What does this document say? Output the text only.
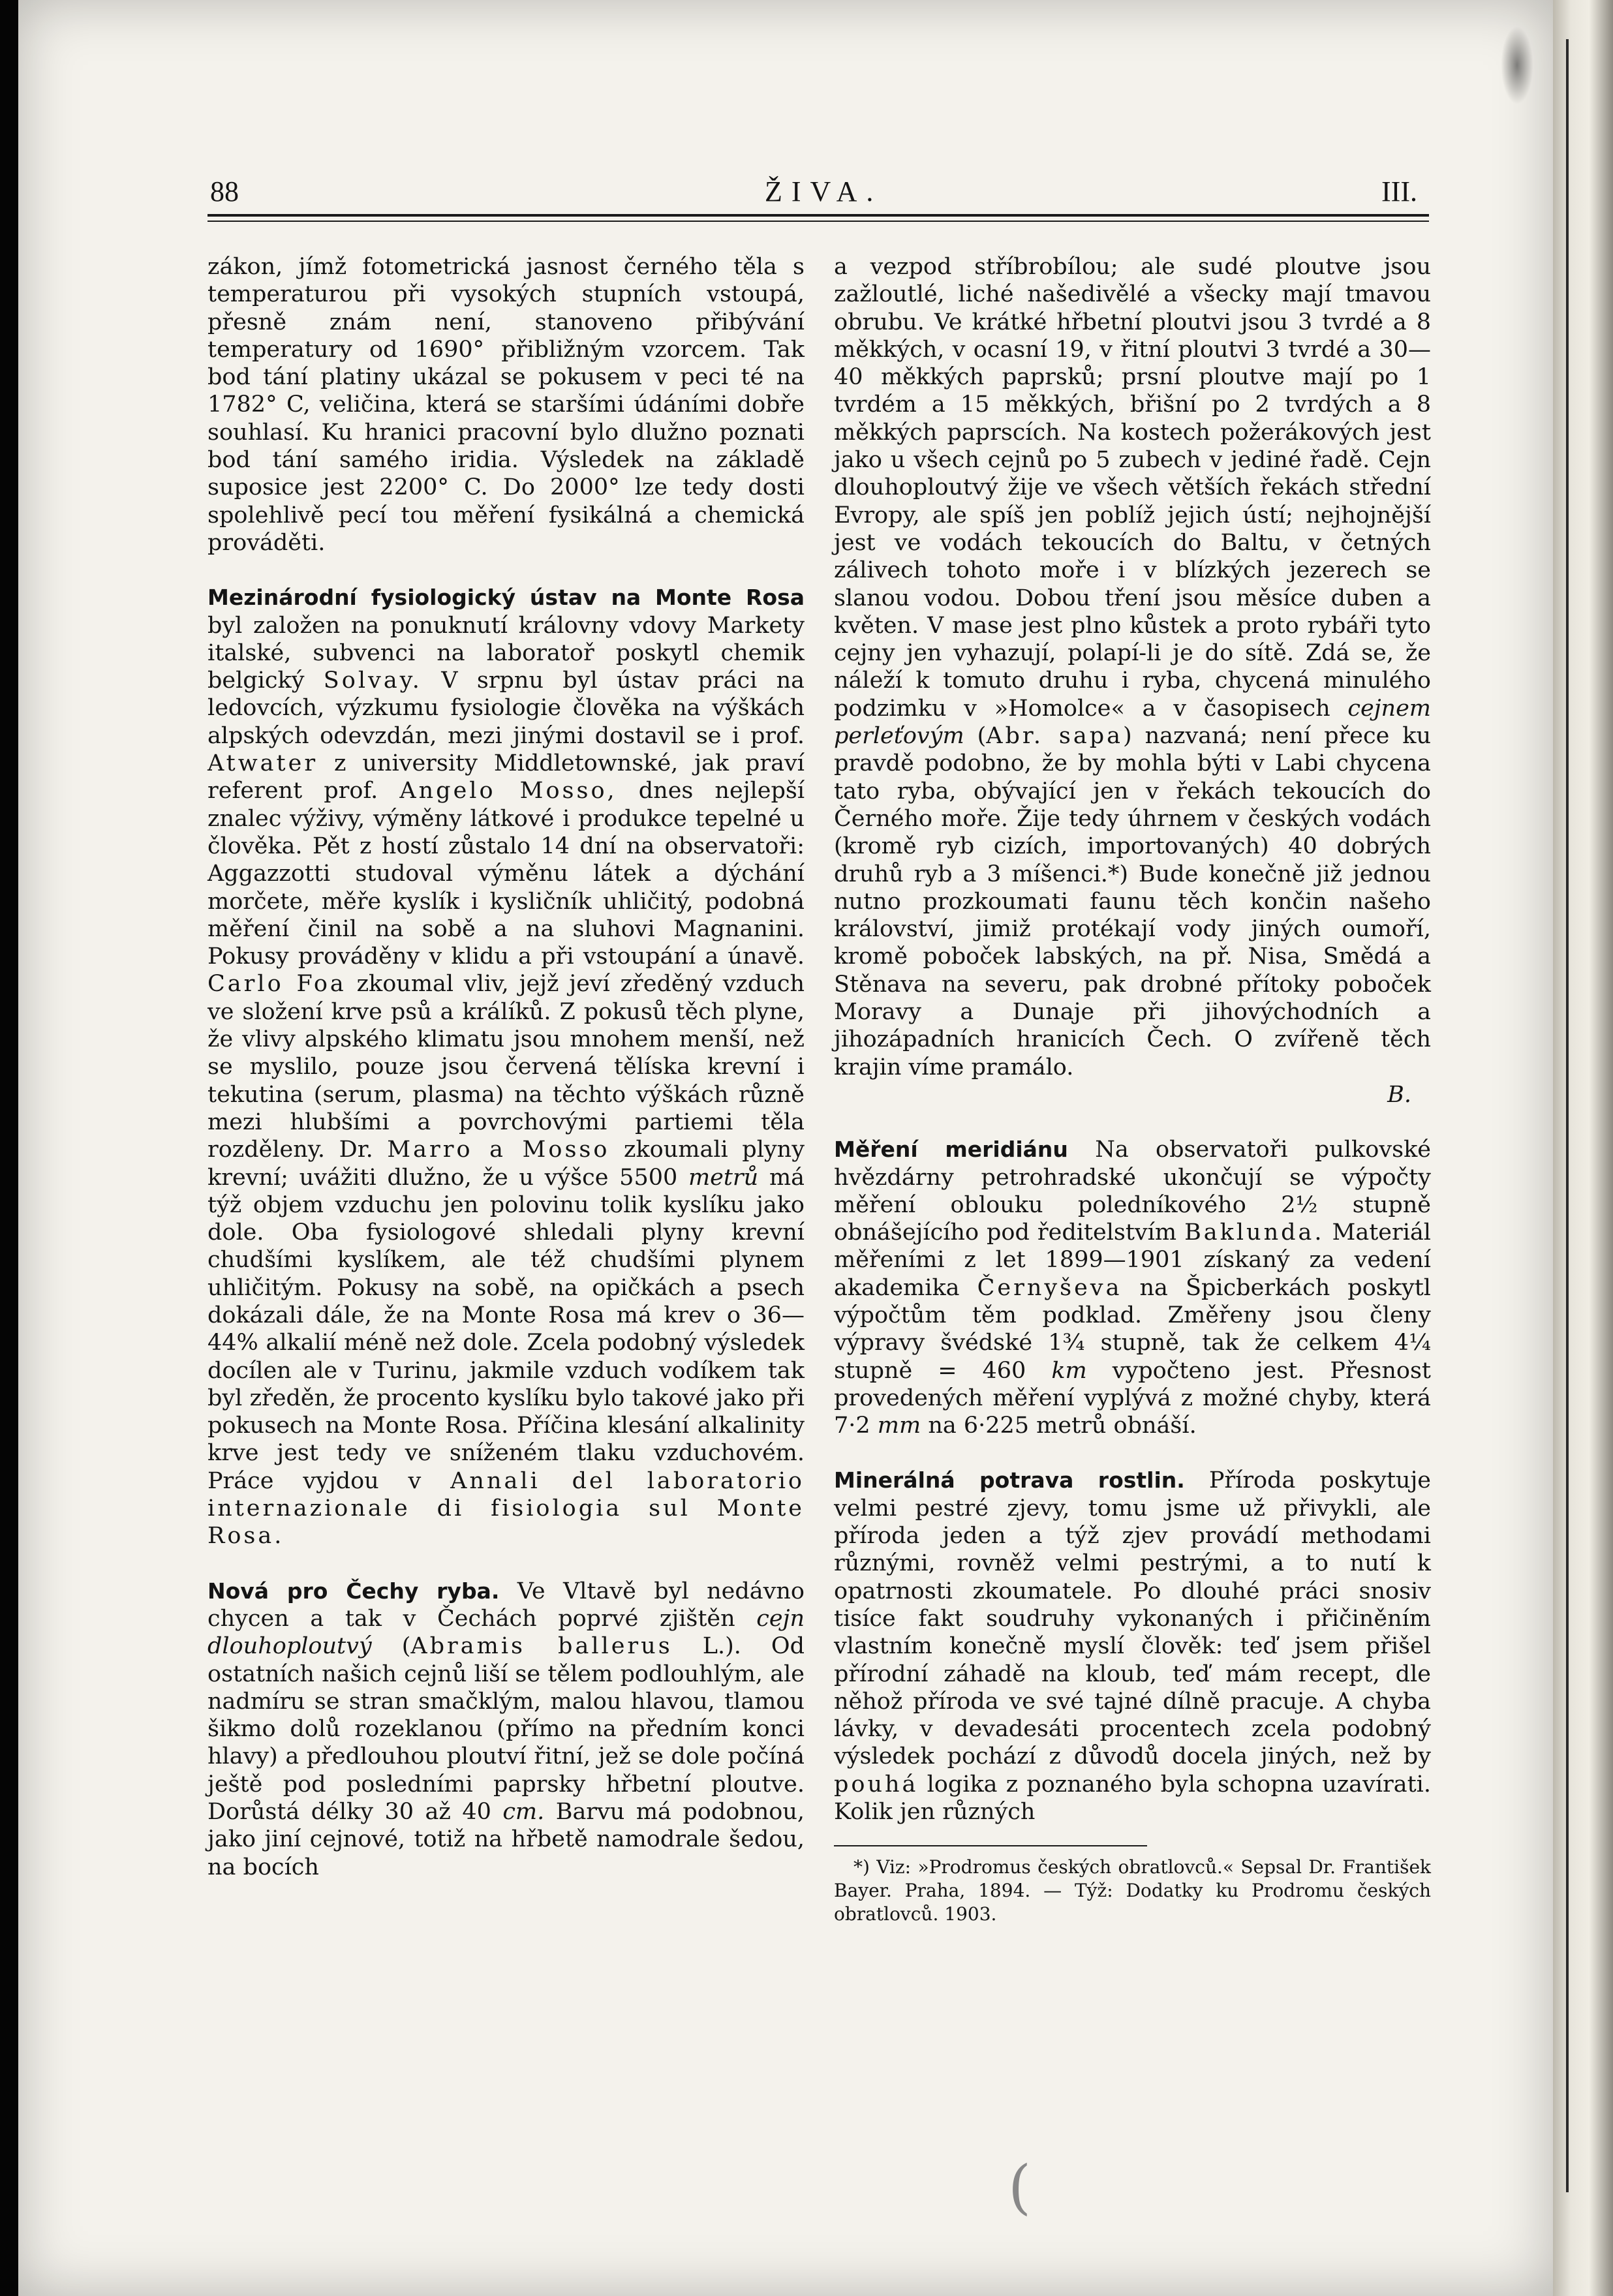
88	ŽIVA.	III.

zákon, jímž fotometrická jasnost černého těla s temperaturou při vysokých stupních vstoupá, přesně znám není, stanoveno přibývání temperatury od 1690° přibližným vzorcem. Tak bod tání platiny ukázal se pokusem v peci té na 1782° C, veličina, která se staršími údáními dobře souhlasí. Ku hranici pracovní bylo dlužno poznati bod tání samého iridia. Výsledek na základě suposice jest 2200° C. Do 2000° lze tedy dosti spolehlivě pecí tou měření fysikálná a chemická prováděti.

Mezinárodní fysiologický ústav na Monte Rosa byl založen na ponuknutí královny vdovy Markety italské, subvenci na laboratoř poskytl chemik belgický Solvay. V srpnu byl ústav práci na ledovcích, výzkumu fysiologie člověka na výškách alpských odevzdán, mezi jinými dostavil se i prof. Atwater z university Middletownské, jak praví referent prof. Angelo Mosso, dnes nejlepší znalec výživy, výměny látkové i produkce tepelné u člověka. Pět z hostí zůstalo 14 dní na observatoři: Aggazzotti studoval výměnu látek a dýchání morčete, měře kyslík i kysličník uhličitý, podobná měření činil na sobě a na sluhovi Magnanini. Pokusy prováděny v klidu a při vstoupání a únavě. Carlo Foa zkoumal vliv, jejž jeví zředěný vzduch ve složení krve psů a králíků. Z pokusů těch plyne, že vlivy alpského klimatu jsou mnohem menší, než se myslilo, pouze jsou červená tělíska krevní i tekutina (serum, plasma) na těchto výškách různě mezi hlubšími a povrchovými partiemi těla rozděleny. Dr. Marro a Mosso zkoumali plyny krevní; uvážiti dlužno, že u výšce 5500 metrů má týž objem vzduchu jen polovinu tolik kyslíku jako dole. Oba fysiologové shledali plyny krevní chudšími kyslíkem, ale též chudšími plynem uhličitým. Pokusy na sobě, na opičkách a psech dokázali dále, že na Monte Rosa má krev o 36—44% alkalií méně než dole. Zcela podobný výsledek docílen ale v Turinu, jakmile vzduch vodíkem tak byl zředěn, že procento kyslíku bylo takové jako při pokusech na Monte Rosa. Příčina klesání alkalinity krve jest tedy ve sníženém tlaku vzduchovém. Práce vyjdou v Annali del laboratorio internazionale di fisiologia sul Monte Rosa.

Nová pro Čechy ryba. Ve Vltavě byl nedávno chycen a tak v Čechách poprvé zjištěn cejn dlouhoploutvý (Abramis ballerus L.). Od ostatních našich cejnů liší se tělem podlouhlým, ale nadmíru se stran smačklým, malou hlavou, tlamou šikmo dolů rozeklanou (přímo na předním konci hlavy) a předlouhou ploutví řitní, jež se dole počíná ještě pod posledními paprsky hřbetní ploutve. Dorůstá délky 30 až 40 cm. Barvu má podobnou, jako jiní cejnové, totiž na hřbetě namodrale šedou, na bocích

a vezpod stříbrobílou; ale sudé ploutve jsou zažloutlé, liché našedivělé a všecky mají tmavou obrubu. Ve krátké hřbetní ploutvi jsou 3 tvrdé a 8 měkkých, v ocasní 19, v řitní ploutvi 3 tvrdé a 30—40 měkkých paprsků; prsní ploutve mají po 1 tvrdém a 15 měkkých, břišní po 2 tvrdých a 8 měkkých paprscích. Na kostech požerákových jest jako u všech cejnů po 5 zubech v jediné řadě. Cejn dlouhoploutvý žije ve všech větších řekách střední Evropy, ale spíš jen poblíž jejich ústí; nejhojnější jest ve vodách tekoucích do Baltu, v četných zálivech tohoto moře i v blízkých jezerech se slanou vodou. Dobou tření jsou měsíce duben a květen. V mase jest plno kůstek a proto rybáři tyto cejny jen vyhazují, polapí-li je do sítě. Zdá se, že náleží k tomuto druhu i ryba, chycená minulého podzimku v »Homolce« a v časopisech cejnem perleťovým (Abr. sapa) nazvaná; není přece ku pravdě podobno, že by mohla býti v Labi chycena tato ryba, obývající jen v řekách tekoucích do Černého moře. Žije tedy úhrnem v českých vodách (kromě ryb cizích, importovaných) 40 dobrých druhů ryb a 3 míšenci.*) Bude konečně již jednou nutno prozkoumati faunu těch končin našeho království, jimiž protékají vody jiných oumoří, kromě poboček labských, na př. Nisa, Smědá a Stěnava na severu, pak drobné přítoky poboček Moravy a Dunaje při jihovýchodních a jihozápadních hranicích Čech. O zvířeně těch krajin víme pramálo.
B.

Měření meridiánu Na observatoři pulkovské hvězdárny petrohradské ukončují se výpočty měření oblouku poledníkového 2½ stupně obnášejícího pod ředitelstvím Baklunda. Materiál měřeními z let 1899—1901 získaný za vedení akademika Černyševa na Špicberkách poskytl výpočtům těm podklad. Změřeny jsou členy výpravy švédské 1¾ stupně, tak že celkem 4¼ stupně = 460 km vypočteno jest. Přesnost provedených měření vyplývá z možné chyby, která 7·2 mm na 6·225 metrů obnáší.

Minerálná potrava rostlin. Příroda poskytuje velmi pestré zjevy, tomu jsme už přivykli, ale příroda jeden a týž zjev provádí methodami různými, rovněž velmi pestrými, a to nutí k opatrnosti zkoumatele. Po dlouhé práci snosiv tisíce fakt soudruhy vykonaných i přičiněním vlastním konečně myslí člověk: teď jsem přišel přírodní záhadě na kloub, teď mám recept, dle něhož příroda ve své tajné dílně pracuje. A chyba lávky, v devadesáti procentech zcela podobný výsledek pochází z důvodů docela jiných, než by pouhá logika z poznaného byla schopna uzavírati. Kolik jen různých

*) Viz: »Prodromus českých obratlovců.« Sepsal Dr. František Bayer. Praha, 1894. — Týž: Dodatky ku Prodromu českých obratlovců. 1903.

(
